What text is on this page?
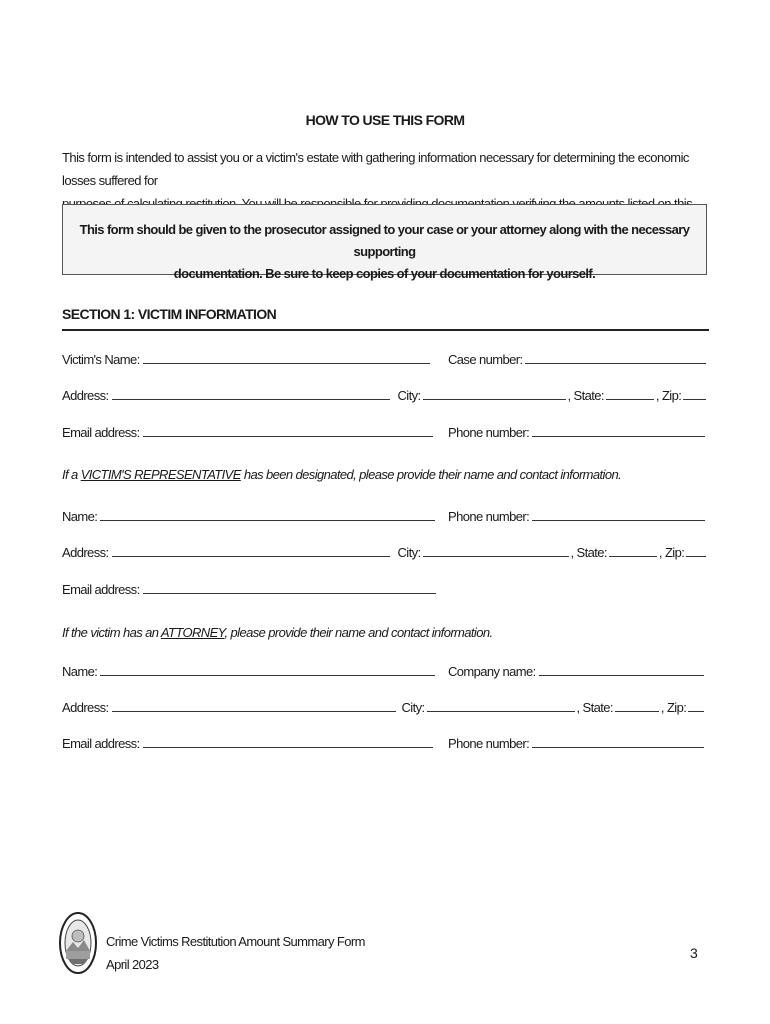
HOW TO USE THIS FORM
This form is intended to assist you or a victim's estate with gathering information necessary for determining the economic losses suffered for
This form should be given to the prosecutor assigned to your case or your attorney along with the necessary supporting
documentation. Be sure to keep copies of your documentation for yourself.
SECTION 1: VICTIM INFORMATION
Victim's Name:	Case number:
Address:	City:	, State:	, Zip:
Email address:	Phone number:
If a VICTIM'S REPRESENTATIVE has been designated, please provide their name and contact information.
Name:	Phone number:
Address:	City:	, State:	, Zip:
Email address:
If the victim has an ATTORNEY, please provide their name and contact information.
Name:	Company name:
Address:	City:	, State:	, Zip:
Email address:	Phone number:
Crime Victims Restitution Amount Summary Form
April 2023
3
